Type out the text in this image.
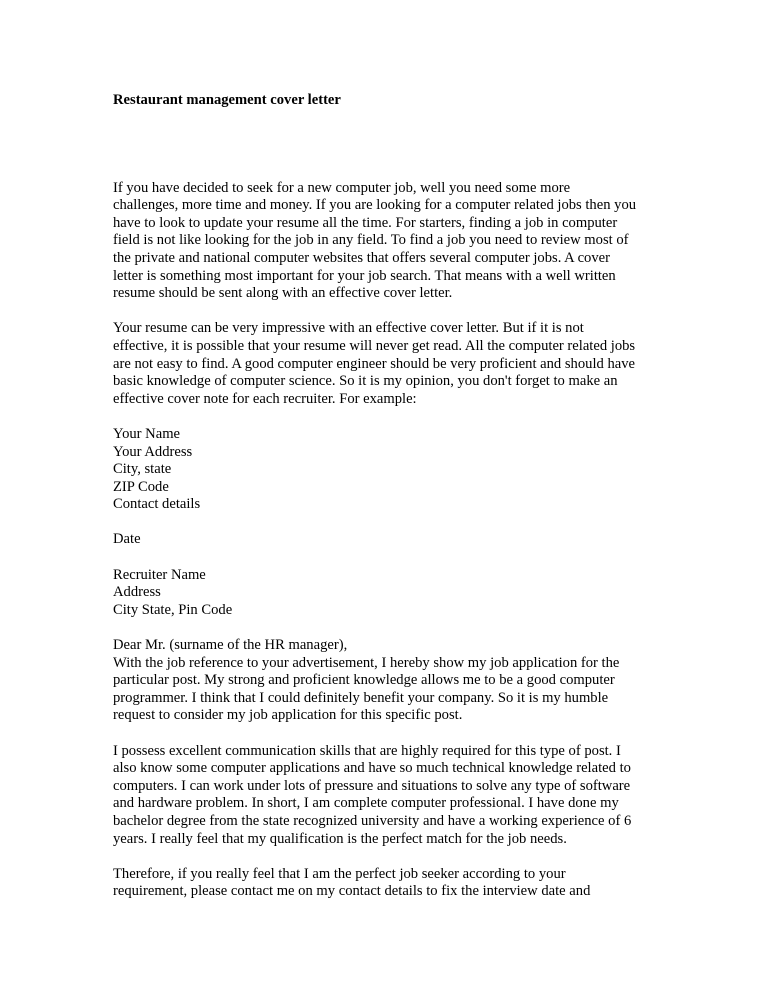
Restaurant management cover letter

If you have decided to seek for a new computer job, well you need some more
challenges, more time and money. If you are looking for a computer related jobs then you
have to look to update your resume all the time. For starters, finding a job in computer
field is not like looking for the job in any field. To find a job you need to review most of
the private and national computer websites that offers several computer jobs. A cover
letter is something most important for your job search. That means with a well written
resume should be sent along with an effective cover letter.
Your resume can be very impressive with an effective cover letter. But if it is not
effective, it is possible that your resume will never get read. All the computer related jobs
are not easy to find. A good computer engineer should be very proficient and should have
basic knowledge of computer science. So it is my opinion, you don't forget to make an
effective cover note for each recruiter. For example:
Your Name
Your Address
City, state
ZIP Code
Contact details
Date
Recruiter Name
Address
City State, Pin Code
Dear Mr. (surname of the HR manager),
With the job reference to your advertisement, I hereby show my job application for the
particular post. My strong and proficient knowledge allows me to be a good computer
programmer. I think that I could definitely benefit your company. So it is my humble
request to consider my job application for this specific post.
I possess excellent communication skills that are highly required for this type of post. I
also know some computer applications and have so much technical knowledge related to
computers. I can work under lots of pressure and situations to solve any type of software
and hardware problem. In short, I am complete computer professional. I have done my
bachelor degree from the state recognized university and have a working experience of 6
years. I really feel that my qualification is the perfect match for the job needs.
Therefore, if you really feel that I am the perfect job seeker according to your
requirement, please contact me on my contact details to fix the interview date and
